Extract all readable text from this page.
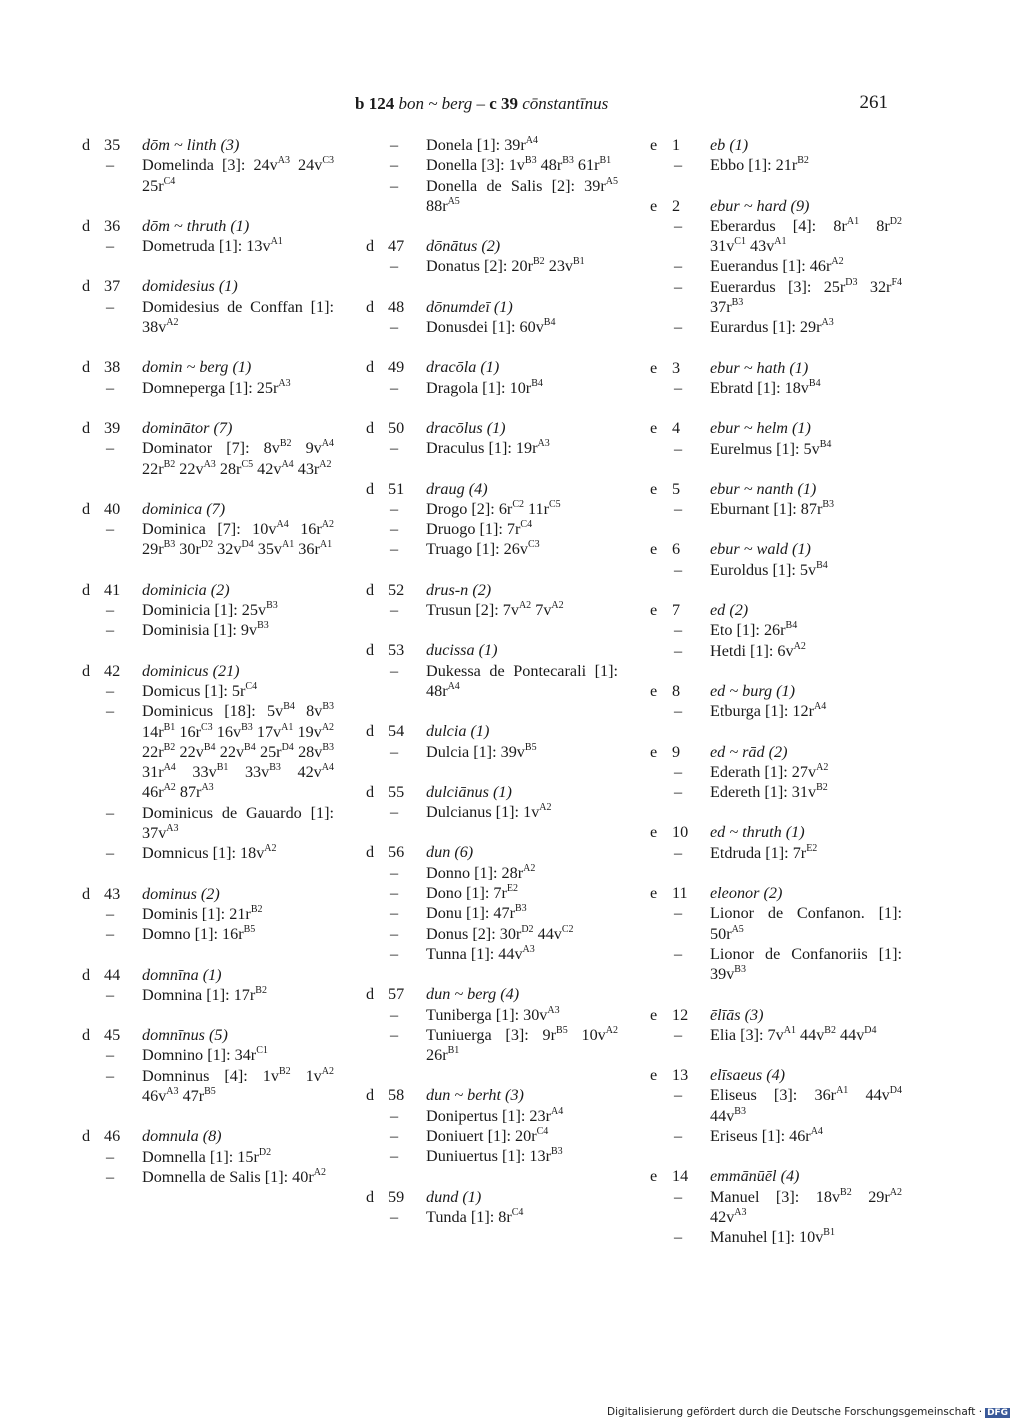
b 124 bon ~ berg – c 39 cōnstantīnus	261
d 35	dōm ~ linth (3)
–	Domelinda [3]: $24v^{A3}$ $24v^{C3}$ $25r^{C4}$
d 36	dōm ~ thruth (1)
–	Dometruda [1]: $13v^{A1}$
d 37	domidesius (1)
–	Domidesius de Conffan [1]: $38v^{A2}$
d 38	domin ~ berg (1)
–	Domneperga [1]: $25r^{A3}$
d 39	dominātor (7)
–	Dominator [7]: $8v^{B2}$ $9v^{A4}$ $22r^{B2}$ $22v^{A3}$ $28r^{C5}$ $42v^{A4}$ $43r^{A2}$
d 40	dominica (7)
–	Dominica [7]: $10v^{A4}$ $16r^{A2}$ $29r^{B3}$ $30r^{D2}$ $32v^{D4}$ $35v^{A1}$ $36r^{A1}$
d 41	dominicia (2)
–	Dominicia [1]: $25v^{B3}$
–	Dominisia [1]: $9v^{B3}$
d 42	dominicus (21)
–	Domicus [1]: $5r^{C4}$
–	Dominicus [18]: $5v^{B4}$ $8v^{B3}$ $14r^{B1}$ $16r^{C3}$ $16v^{B3}$ $17v^{A1}$ $19v^{A2}$ $22r^{B2}$ $22v^{B4}$ $22v^{B4}$ $25r^{D4}$ $28v^{B3}$ $31r^{A4}$ $33v^{B1}$ $33v^{B3}$ $42v^{A4}$ $46r^{A2}$ $87r^{A3}$
–	Dominicus de Gauardo [1]: $37v^{A3}$
–	Domnicus [1]: $18v^{A2}$
d 43	dominus (2)
–	Dominis [1]: $21r^{B2}$
–	Domno [1]: $16r^{B5}$
d 44	domnīna (1)
–	Domnina [1]: $17r^{B2}$
d 45	domnīnus (5)
–	Domnino [1]: $34r^{C1}$
–	Domninus [4]: $1v^{B2}$ $1v^{A2}$ $46v^{A3}$ $47r^{B5}$
d 46	domnula (8)
–	Domnella [1]: $15r^{D2}$
–	Domnella de Salis [1]: $40r^{A2}$
–	Donela [1]: $39r^{A4}$
–	Donella [3]: $1v^{B3}$ $48r^{B3}$ $61r^{B1}$
–	Donella de Salis [2]: $39r^{A5}$ $88r^{A5}$
d 47	dōnātus (2)
–	Donatus [2]: $20r^{B2}$ $23v^{B1}$
d 48	dōnumdeī (1)
–	Donusdei [1]: $60v^{B4}$
d 49	dracōla (1)
–	Dragola [1]: $10r^{B4}$
d 50	dracōlus (1)
–	Draculus [1]: $19r^{A3}$
d 51	draug (4)
–	Drogo [2]: $6r^{C2}$ $11r^{C5}$
–	Druogo [1]: $7r^{C4}$
–	Truago [1]: $26v^{C3}$
d 52	drus-n (2)
–	Trusun [2]: $7v^{A2}$ $7v^{A2}$
d 53	ducissa (1)
–	Dukessa de Pontecarali [1]: $48r^{A4}$
d 54	dulcia (1)
–	Dulcia [1]: $39v^{B5}$
d 55	dulciānus (1)
–	Dulcianus [1]: $1v^{A2}$
d 56	dun (6)
–	Donno [1]: $28r^{A2}$
–	Dono [1]: $7r^{E2}$
–	Donu [1]: $47r^{B3}$
–	Donus [2]: $30r^{D2}$ $44v^{C2}$
–	Tunna [1]: $44v^{A3}$
d 57	dun ~ berg (4)
–	Tuniberga [1]: $30v^{A3}$
–	Tuniuerga [3]: $9r^{B5}$ $10v^{A2}$ $26r^{B1}$
d 58	dun ~ berht (3)
–	Donipertus [1]: $23r^{A4}$
–	Doniuert [1]: $20r^{C4}$
–	Duniuertus [1]: $13r^{B3}$
d 59	dund (1)
–	Tunda [1]: $8r^{C4}$
e 1	eb (1)
–	Ebbo [1]: $21r^{B2}$
e 2	ebur ~ hard (9)
–	Eberardus [4]: $8r^{A1}$ $8r^{D2}$ $31v^{C1}$ $43v^{A1}$
–	Euerandus [1]: $46r^{A2}$
–	Euerardus [3]: $25r^{D3}$ $32r^{F4}$ $37r^{B3}$
–	Eurardus [1]: $29r^{A3}$
e 3	ebur ~ hath (1)
–	Ebratd [1]: $18v^{B4}$
e 4	ebur ~ helm (1)
–	Eurelmus [1]: $5v^{B4}$
e 5	ebur ~ nanth (1)
–	Eburnant [1]: $87r^{B3}$
e 6	ebur ~ wald (1)
–	Euroldus [1]: $5v^{B4}$
e 7	ed (2)
–	Eto [1]: $26r^{B4}$
–	Hetdi [1]: $6v^{A2}$
e 8	ed ~ burg (1)
–	Etburga [1]: $12r^{A4}$
e 9	ed ~ rād (2)
–	Ederath [1]: $27v^{A2}$
–	Edereth [1]: $31v^{B2}$
e 10	ed ~ thruth (1)
–	Etdruda [1]: $7r^{E2}$
e 11	eleonor (2)
–	Lionor de Confanon. [1]: $50r^{A5}$
–	Lionor de Confanoriis [1]: $39v^{B3}$
e 12	ēlīās (3)
–	Elia [3]: $7v^{A1}$ $44v^{B2}$ $44v^{D4}$
e 13	elīsaeus (4)
–	Eliseus [3]: $36r^{A1}$ $44v^{D4}$ $44v^{B3}$
–	Eriseus [1]: $46r^{A4}$
e 14	emmānūēl (4)
–	Manuel [3]: $18v^{B2}$ $29r^{A2}$ $42v^{A3}$
–	Manuhel [1]: $10v^{B1}$
Digitalisierung gefördert durch die Deutsche Forschungsgemeinschaft · DFG
